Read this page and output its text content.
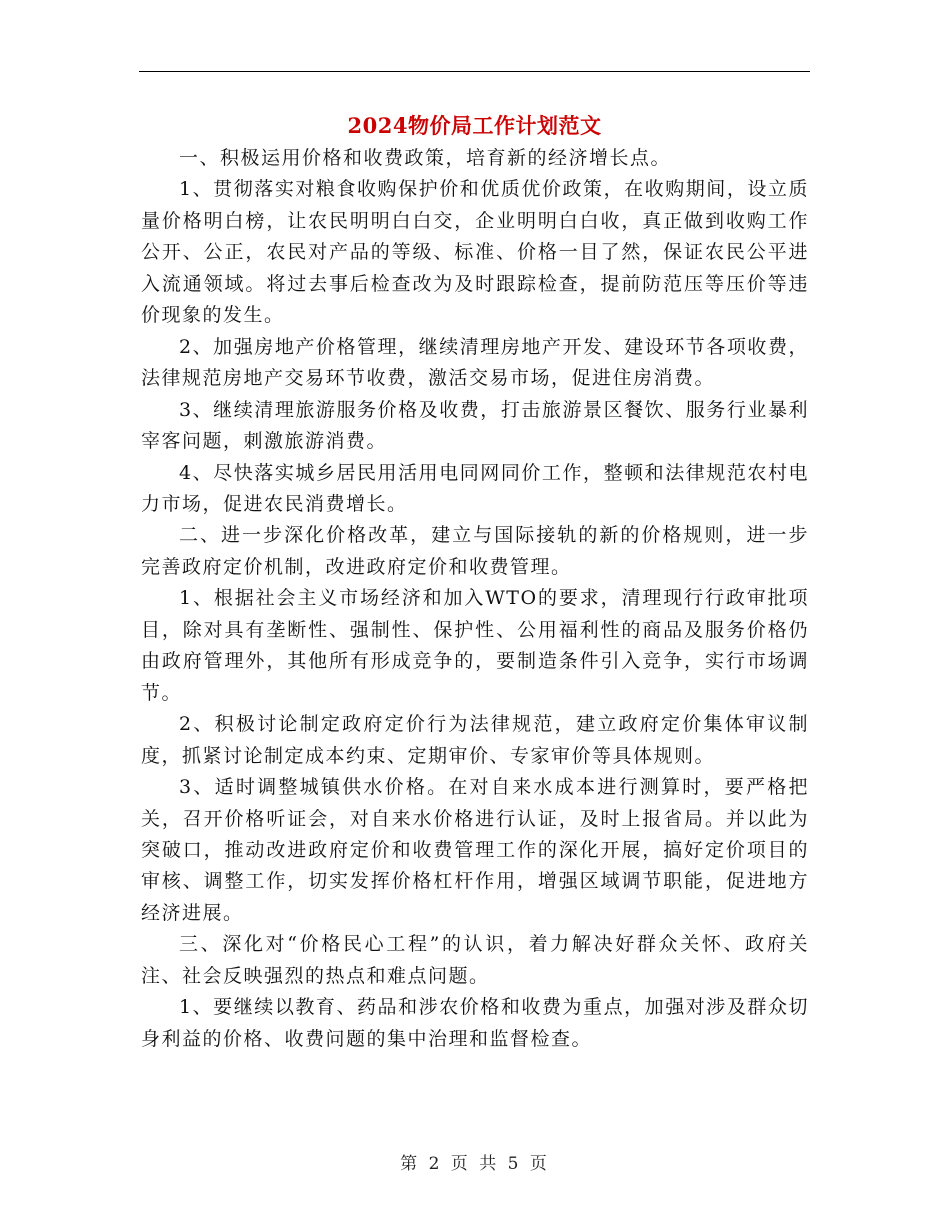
2024物价局工作计划范文

一、积极运用价格和收费政策，培育新的经济增长点。

1、贯彻落实对粮食收购保护价和优质优价政策，在收购期间，设立质量价格明白榜，让农民明明白白交，企业明明白白收，真正做到收购工作公开、公正，农民对产品的等级、标准、价格一目了然，保证农民公平进入流通领域。将过去事后检查改为及时跟踪检查，提前防范压等压价等违价现象的发生。

2、加强房地产价格管理，继续清理房地产开发、建设环节各项收费，法律规范房地产交易环节收费，激活交易市场，促进住房消费。

3、继续清理旅游服务价格及收费，打击旅游景区餐饮、服务行业暴利宰客问题，刺激旅游消费。

4、尽快落实城乡居民用活用电同网同价工作，整顿和法律规范农村电力市场，促进农民消费增长。

二、进一步深化价格改革，建立与国际接轨的新的价格规则，进一步完善政府定价机制，改进政府定价和收费管理。

1、根据社会主义市场经济和加入WTO的要求，清理现行行政审批项目，除对具有垄断性、强制性、保护性、公用福利性的商品及服务价格仍由政府管理外，其他所有形成竞争的，要制造条件引入竞争，实行市场调节。

2、积极讨论制定政府定价行为法律规范，建立政府定价集体审议制度，抓紧讨论制定成本约束、定期审价、专家审价等具体规则。

3、适时调整城镇供水价格。在对自来水成本进行测算时，要严格把关，召开价格听证会，对自来水价格进行认证，及时上报省局。并以此为突破口，推动改进政府定价和收费管理工作的深化开展，搞好定价项目的审核、调整工作，切实发挥价格杠杆作用，增强区域调节职能，促进地方经济进展。

三、深化对“价格民心工程”的认识，着力解决好群众关怀、政府关注、社会反映强烈的热点和难点问题。

1、要继续以教育、药品和涉农价格和收费为重点，加强对涉及群众切身利益的价格、收费问题的集中治理和监督检查。

第 2 页 共 5 页
